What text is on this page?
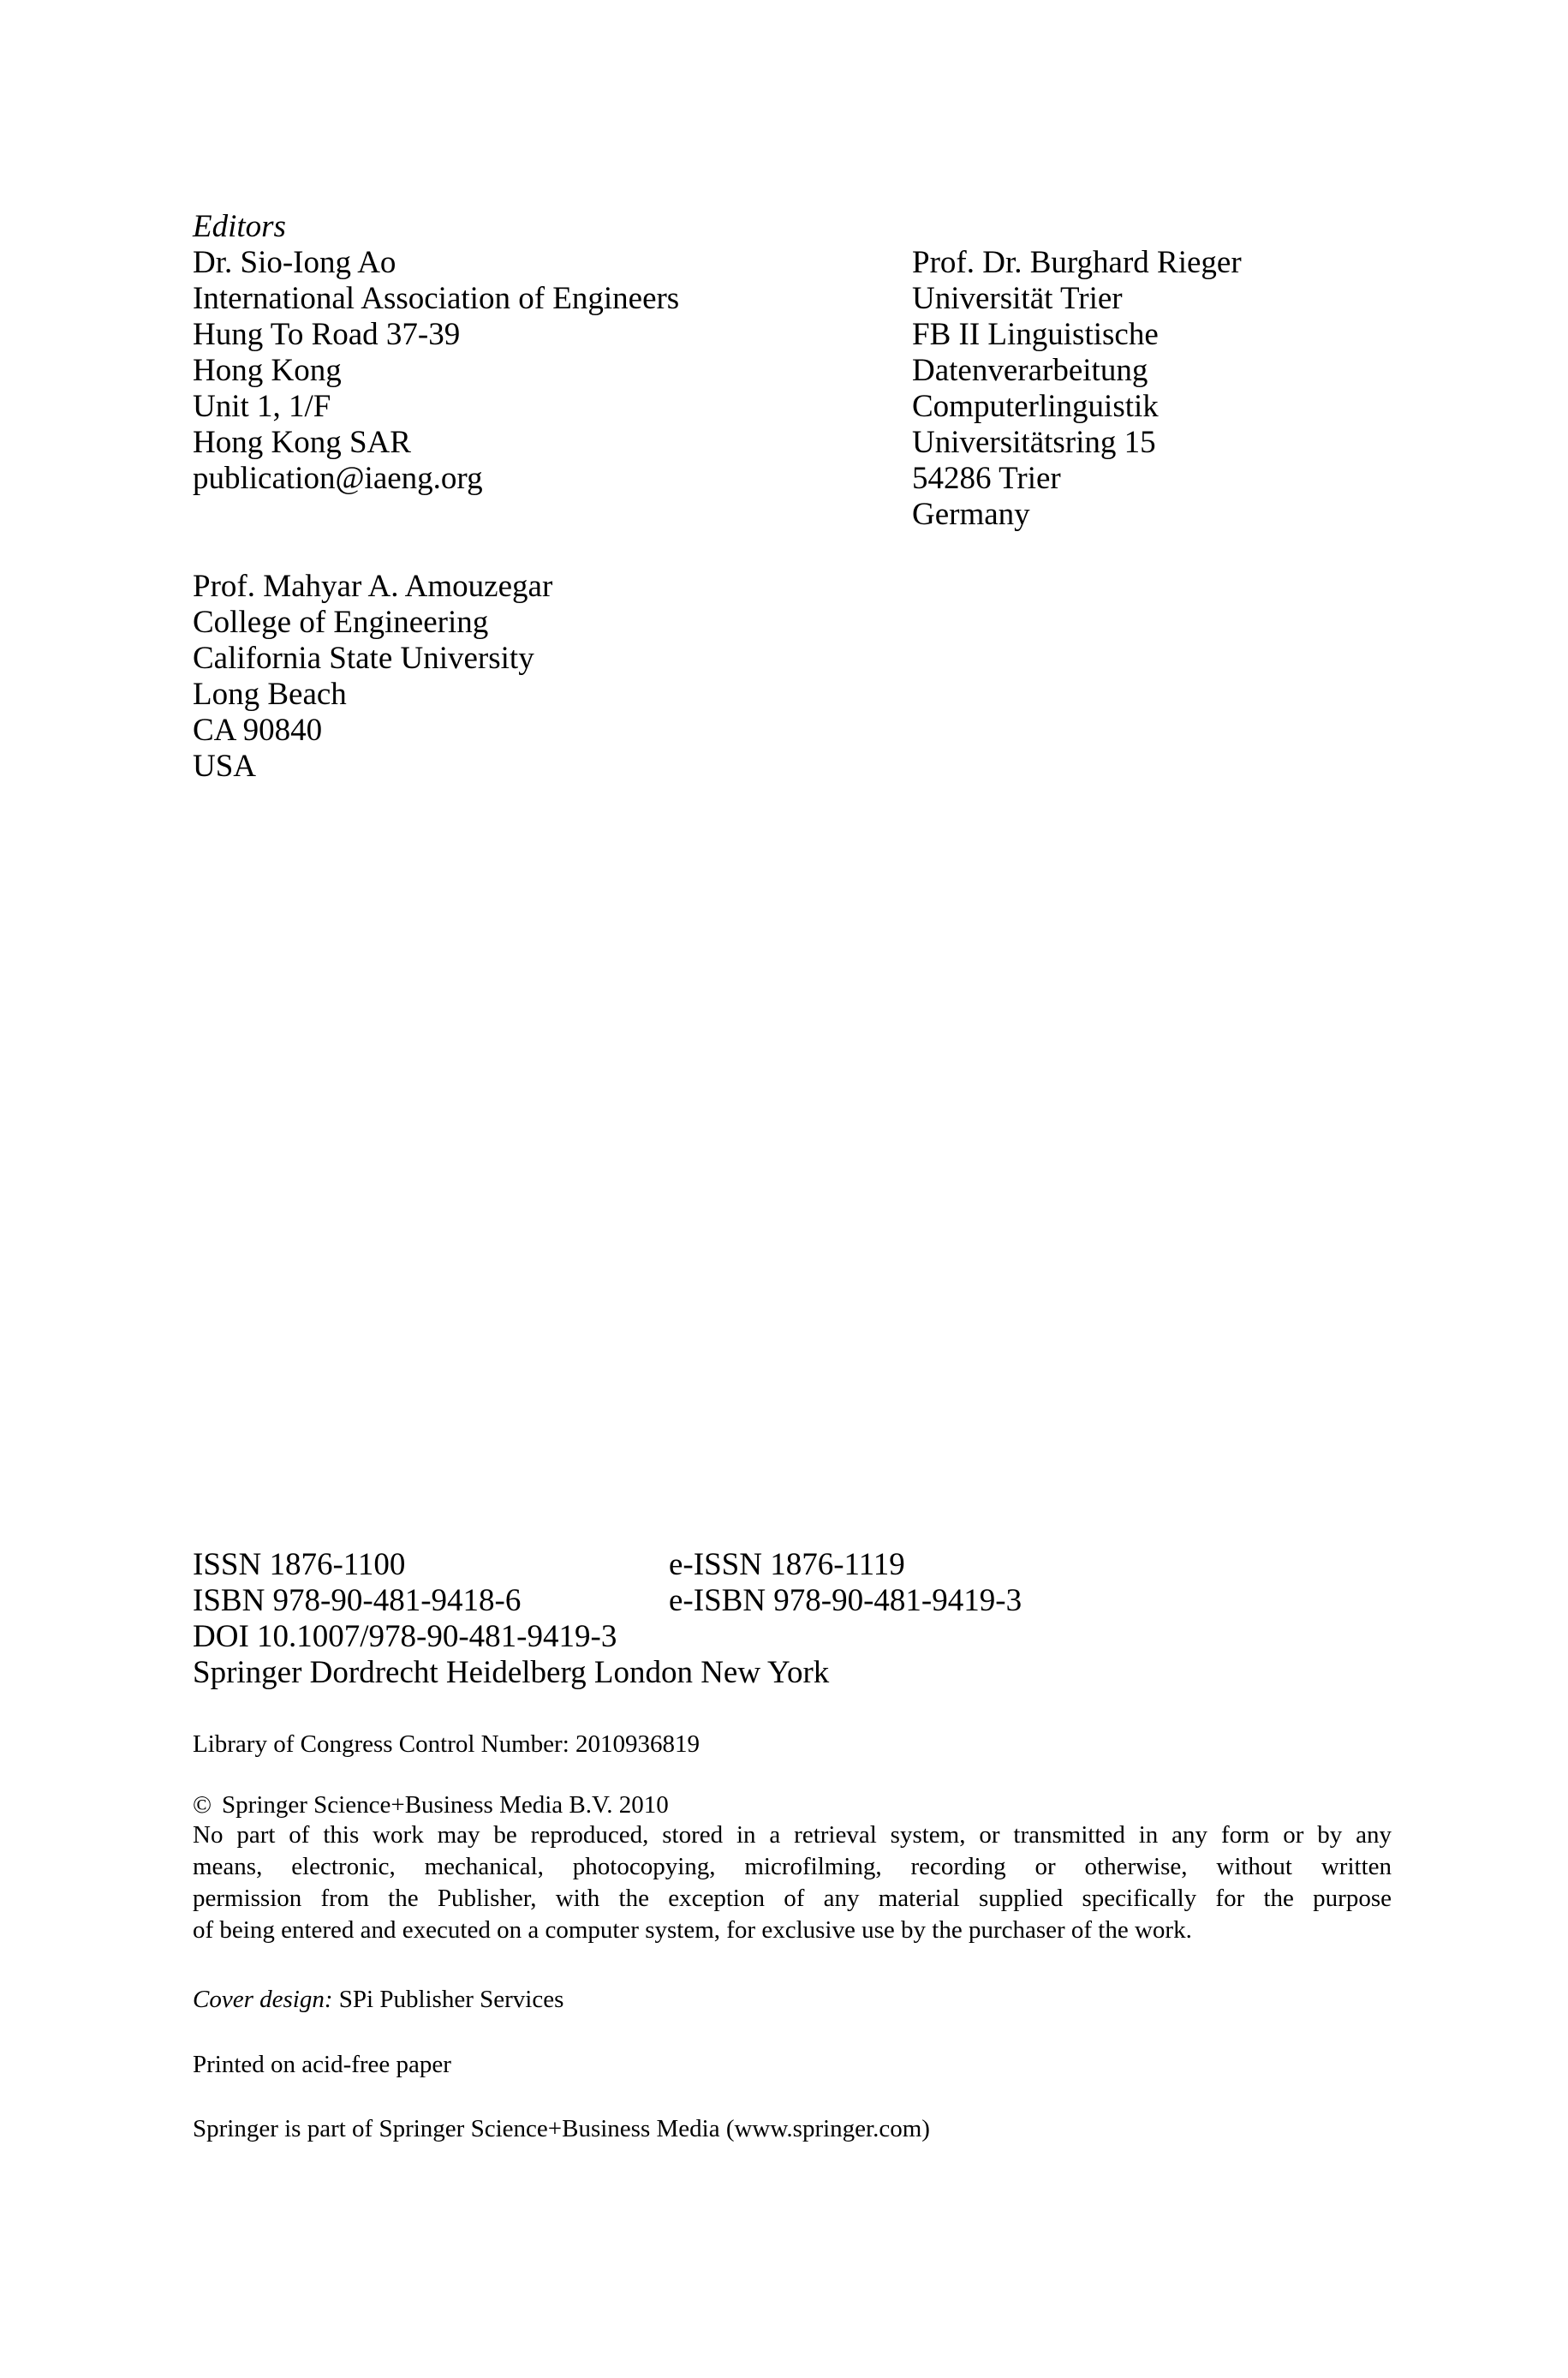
Editors
Dr. Sio-Iong Ao
International Association of Engineers
Hung To Road 37-39
Hong Kong
Unit 1, 1/F
Hong Kong SAR
publication@iaeng.org
Prof. Dr. Burghard Rieger
Universität Trier
FB II Linguistische
Datenverarbeitung
Computerlinguistik
Universitätsring 15
54286 Trier
Germany
Prof. Mahyar A. Amouzegar
College of Engineering
California State University
Long Beach
CA 90840
USA
ISSN 1876-1100	e-ISSN 1876-1119
ISBN 978-90-481-9418-6	e-ISBN 978-90-481-9419-3
DOI 10.1007/978-90-481-9419-3
Springer Dordrecht Heidelberg London New York
Library of Congress Control Number: 2010936819
© Springer Science+Business Media B.V. 2010
No part of this work may be reproduced, stored in a retrieval system, or transmitted in any form or by any
means, electronic, mechanical, photocopying, microfilming, recording or otherwise, without written
permission from the Publisher, with the exception of any material supplied specifically for the purpose
of being entered and executed on a computer system, for exclusive use by the purchaser of the work.
Cover design: SPi Publisher Services
Printed on acid-free paper
Springer is part of Springer Science+Business Media (www.springer.com)
